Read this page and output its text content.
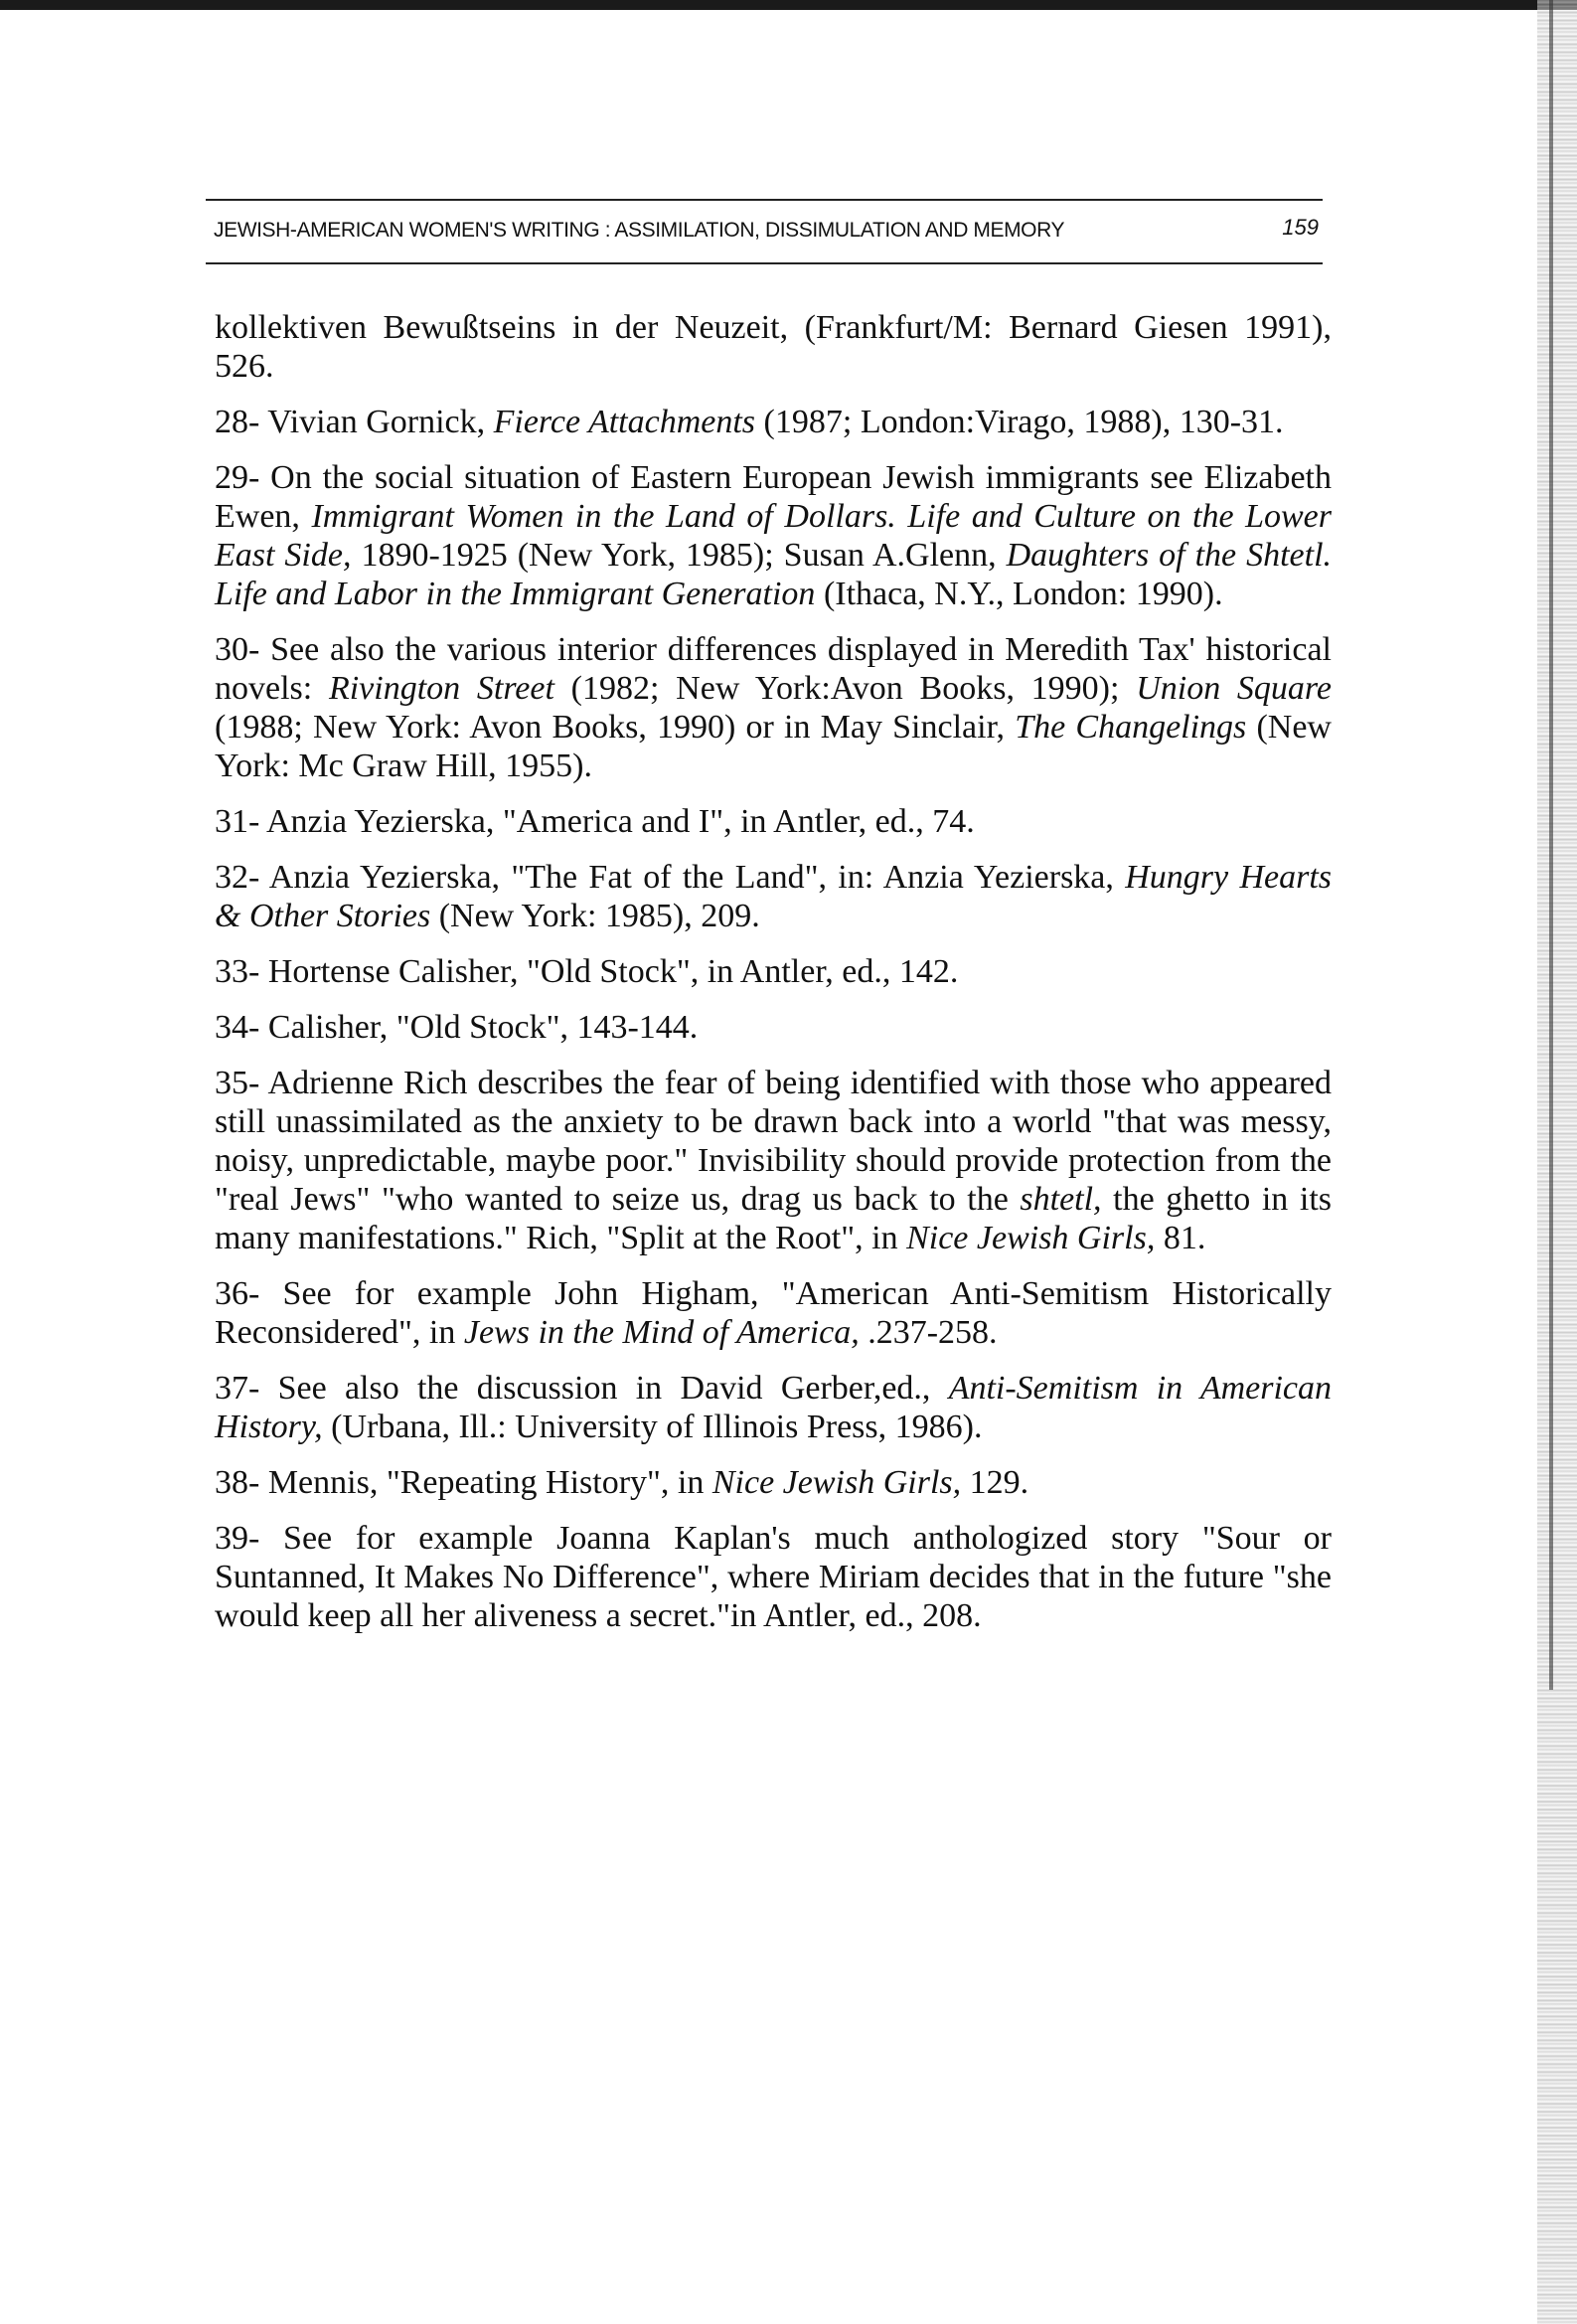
JEWISH-AMERICAN WOMEN'S WRITING : ASSIMILATION, DISSIMULATION AND MEMORY	159

kollektiven Bewußtseins in der Neuzeit, (Frankfurt/M: Bernard Giesen 1991), 526.

28- Vivian Gornick, Fierce Attachments (1987; London:Virago, 1988), 130-31.

29- On the social situation of Eastern European Jewish immigrants see Elizabeth Ewen, Immigrant Women in the Land of Dollars. Life and Culture on the Lower East Side, 1890-1925 (New York, 1985); Susan A.Glenn, Daughters of the Shtetl. Life and Labor in the Immigrant Generation (Ithaca, N.Y., London: 1990).

30- See also the various interior differences displayed in Meredith Tax' historical novels: Rivington Street (1982; New York:Avon Books, 1990); Union Square (1988; New York: Avon Books, 1990) or in May Sinclair, The Changelings (New York: Mc Graw Hill, 1955).

31- Anzia Yezierska, "America and I", in Antler, ed., 74.

32- Anzia Yezierska, "The Fat of the Land", in: Anzia Yezierska, Hungry Hearts & Other Stories (New York: 1985), 209.

33- Hortense Calisher, "Old Stock", in Antler, ed., 142.

34- Calisher, "Old Stock", 143-144.

35- Adrienne Rich describes the fear of being identified with those who appeared still unassimilated as the anxiety to be drawn back into a world "that was messy, noisy, unpredictable, maybe poor." Invisibility should provide protection from the "real Jews" "who wanted to seize us, drag us back to the shtetl, the ghetto in its many manifestations." Rich, "Split at the Root", in Nice Jewish Girls, 81.

36- See for example John Higham, "American Anti-Semitism Historically Reconsidered", in Jews in the Mind of America, .237-258.

37- See also the discussion in David Gerber,ed., Anti-Semitism in American History, (Urbana, Ill.: University of Illinois Press, 1986).

38- Mennis, "Repeating History", in Nice Jewish Girls, 129.

39- See for example Joanna Kaplan's much anthologized story "Sour or Suntanned, It Makes No Difference", where Miriam decides that in the future "she would keep all her aliveness a secret."in Antler, ed., 208.
